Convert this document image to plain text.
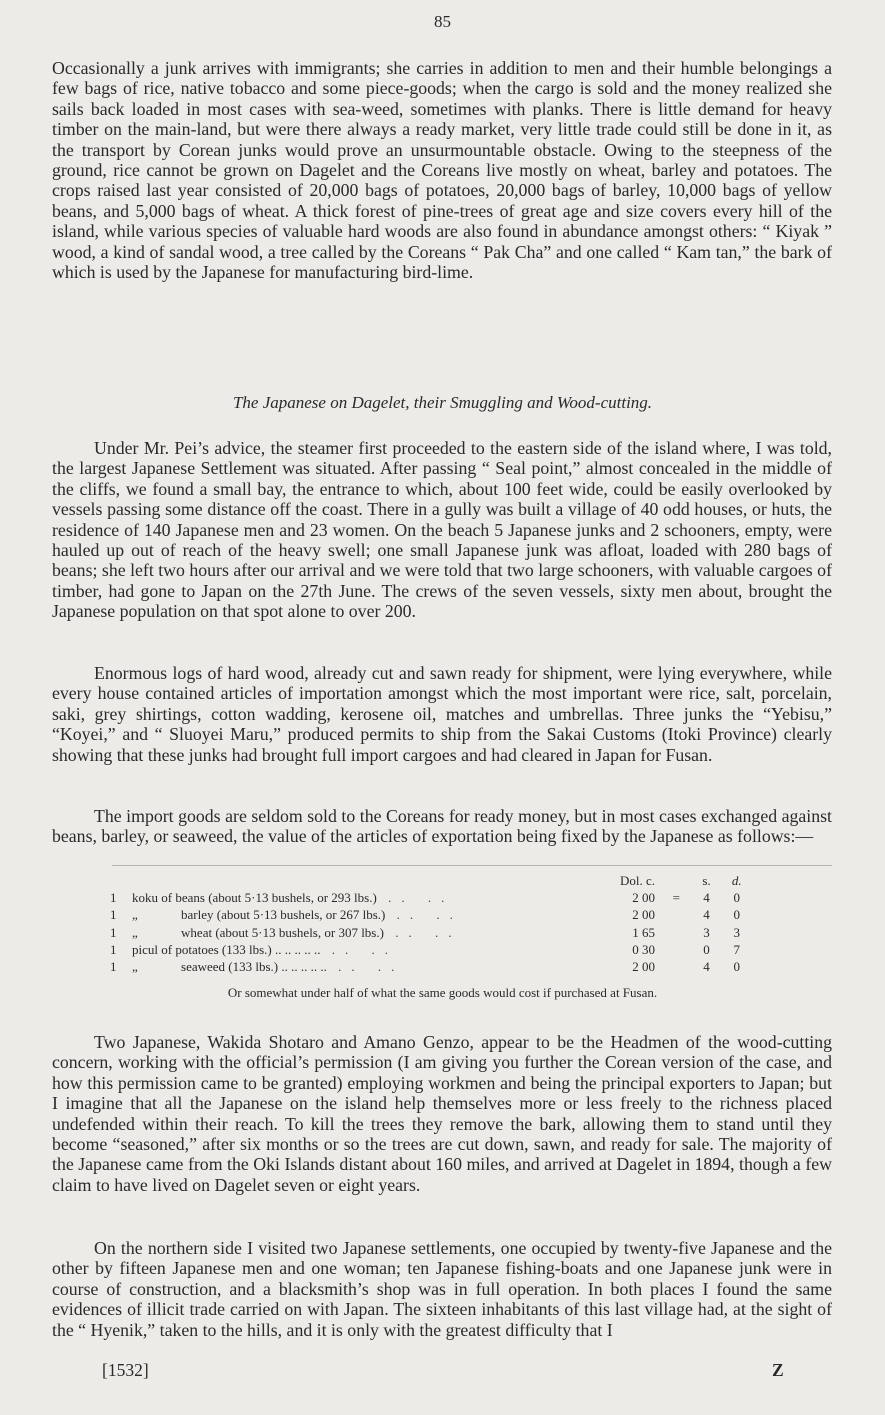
85

Occasionally a junk arrives with immigrants; she carries in addition to men and their humble belongings a few bags of rice, native tobacco and some piece-goods; when the cargo is sold and the money realized she sails back loaded in most cases with sea-weed, sometimes with planks. There is little demand for heavy timber on the main-land, but were there always a ready market, very little trade could still be done in it, as the transport by Corean junks would prove an unsurmountable obstacle. Owing to the steepness of the ground, rice cannot be grown on Dagelet and the Coreans live mostly on wheat, barley and potatoes. The crops raised last year consisted of 20,000 bags of potatoes, 20,000 bags of barley, 10,000 bags of yellow beans, and 5,000 bags of wheat. A thick forest of pine-trees of great age and size covers every hill of the island, while various species of valuable hard woods are also found in abundance amongst others: “ Kiyak ” wood, a kind of sandal wood, a tree called by the Coreans “ Pak Cha” and one called “ Kam tan,” the bark of which is used by the Japanese for manufacturing bird-lime.

The Japanese on Dagelet, their Smuggling and Wood-cutting.

Under Mr. Pei’s advice, the steamer first proceeded to the eastern side of the island where, I was told, the largest Japanese Settlement was situated. After passing “ Seal point,” almost concealed in the middle of the cliffs, we found a small bay, the entrance to which, about 100 feet wide, could be easily overlooked by vessels passing some distance off the coast. There in a gully was built a village of 40 odd houses, or huts, the residence of 140 Japanese men and 23 women. On the beach 5 Japanese junks and 2 schooners, empty, were hauled up out of reach of the heavy swell; one small Japanese junk was afloat, loaded with 280 bags of beans; she left two hours after our arrival and we were told that two large schooners, with valuable cargoes of timber, had gone to Japan on the 27th June. The crews of the seven vessels, sixty men about, brought the Japanese population on that spot alone to over 200.

Enormous logs of hard wood, already cut and sawn ready for shipment, were lying everywhere, while every house contained articles of importation amongst which the most important were rice, salt, porcelain, saki, grey shirtings, cotton wadding, kerosene oil, matches and umbrellas. Three junks the “Yebisu,” “Koyei,” and “ Sluoyei Maru,” produced permits to ship from the Sakai Customs (Itoki Province) clearly showing that these junks had brought full import cargoes and had cleared in Japan for Fusan.

The import goods are seldom sold to the Coreans for ready money, but in most cases exchanged against beans, barley, or seaweed, the value of the articles of exportation being fixed by the Japanese as follows:—

	Dol. c.		s.	d.
1 koku of beans (about 5·13 bushels, or 293 lbs.) .. ..	2 00	=	4	0
1 „ barley (about 5·13 bushels, or 267 lbs.) .. ..	2 00		4	0
1 „ wheat (about 5·13 bushels, or 307 lbs.) .. ..	1 65		3	3
1 picul of potatoes (133 lbs.) .. .. .. .. .. .. ..	0 30		0	7
1 „ seaweed (133 lbs.) .. .. .. .. .. .. ..	2 00		4	0
Or somewhat under half of what the same goods would cost if purchased at Fusan.

Two Japanese, Wakida Shotaro and Amano Genzo, appear to be the Headmen of the wood-cutting concern, working with the official’s permission (I am giving you further the Corean version of the case, and how this permission came to be granted) employing workmen and being the principal exporters to Japan; but I imagine that all the Japanese on the island help themselves more or less freely to the richness placed undefended within their reach. To kill the trees they remove the bark, allowing them to stand until they become “seasoned,” after six months or so the trees are cut down, sawn, and ready for sale. The majority of the Japanese came from the Oki Islands distant about 160 miles, and arrived at Dagelet in 1894, though a few claim to have lived on Dagelet seven or eight years.

On the northern side I visited two Japanese settlements, one occupied by twenty-five Japanese and the other by fifteen Japanese men and one woman; ten Japanese fishing-boats and one Japanese junk were in course of construction, and a blacksmith’s shop was in full operation. In both places I found the same evidences of illicit trade carried on with Japan. The sixteen inhabitants of this last village had, at the sight of the “ Hyenik,” taken to the hills, and it is only with the greatest difficulty that I

[1532]	Z
